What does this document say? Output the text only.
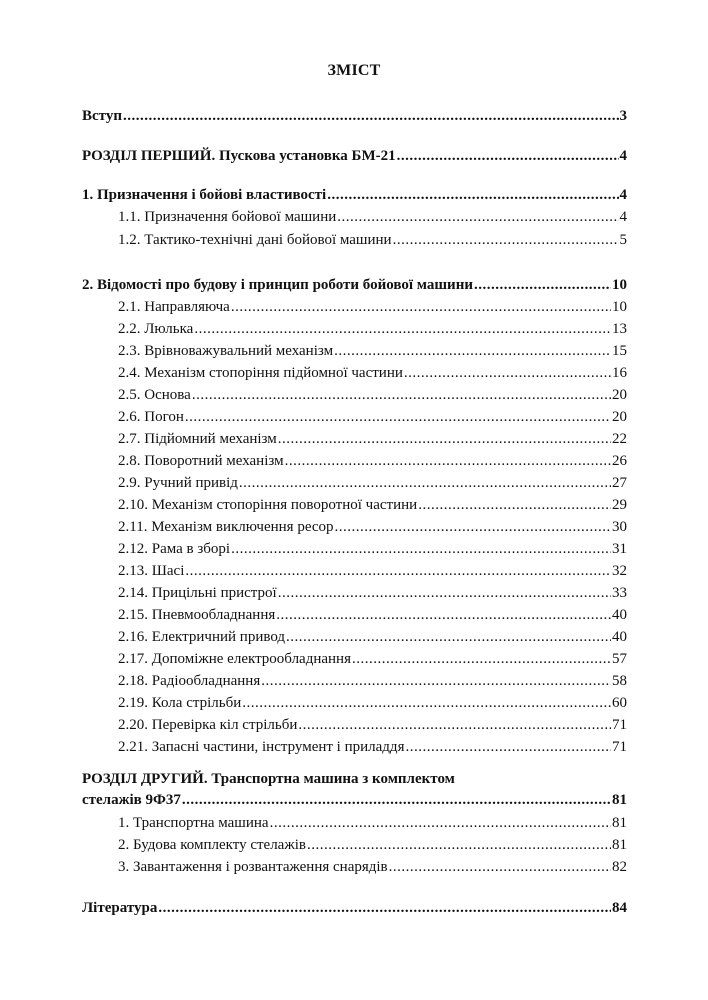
ЗМІСТ
Вступ .....	3
РОЗДІЛ ПЕРШИЙ. Пускова установка БМ-21 .....	4
1. Призначення і бойові властивості .....	4
1.1. Призначення бойової машини .....	4
1.2. Тактико-технічні дані бойової машини .....	5
2. Відомості про будову і принцип роботи бойової машини .....	10
2.1. Направляюча .....	10
2.2. Люлька .....	13
2.3. Врівноважувальний механізм .....	15
2.4. Механізм стопоріння підйомної частини .....	16
2.5. Основа .....	20
2.6. Погон .....	20
2.7. Підйомний механізм .....	22
2.8. Поворотний механізм .....	26
2.9. Ручний привід .....	27
2.10. Механізм стопоріння поворотної частини .....	29
2.11. Механізм виключення ресор .....	30
2.12. Рама в зборі .....	31
2.13. Шасі .....	32
2.14. Прицільні пристрої .....	33
2.15. Пневмообладнання .....	40
2.16. Електричний привод .....	40
2.17. Допоміжне електрообладнання .....	57
2.18. Радіообладнання .....	58
2.19. Кола стрільби .....	60
2.20. Перевірка кіл стрільби .....	71
2.21. Запасні частини, інструмент і приладдя .....	71
РОЗДІЛ ДРУГИЙ. Транспортна машина з комплектом
стелажів 9Ф37 .....	81
1. Транспортна машина .....	81
2. Будова комплекту стелажів .....	81
3. Завантаження і розвантаження снарядів .....	82
Література .....	84
